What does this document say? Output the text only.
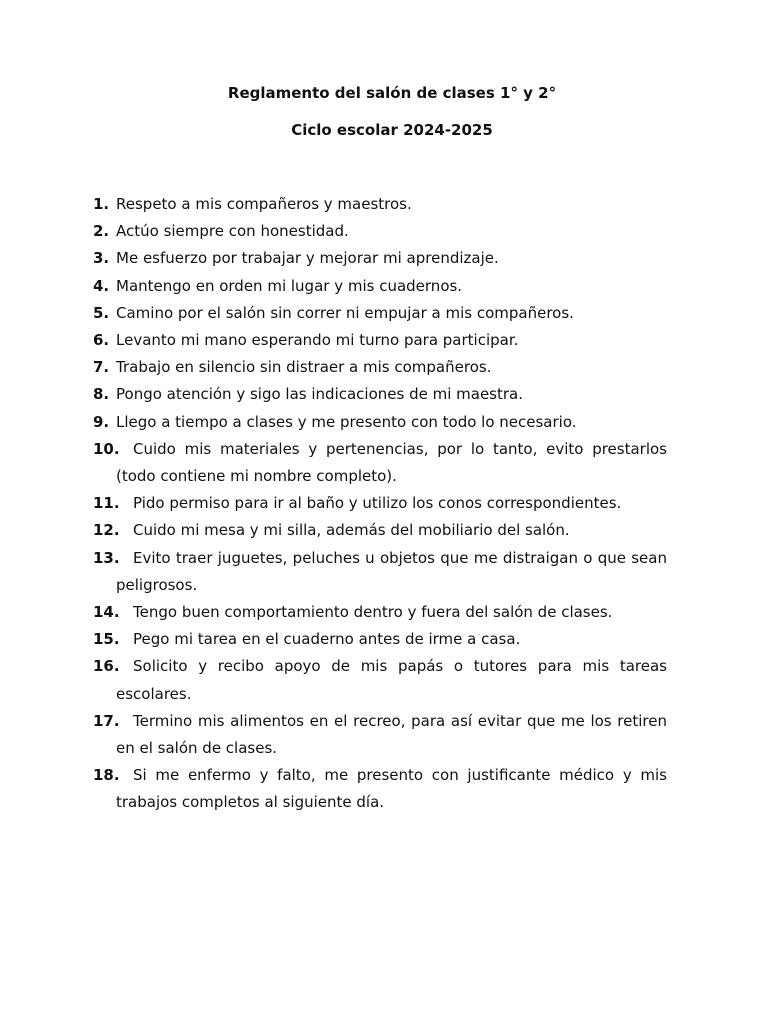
Reglamento del salón de clases 1° y 2°
Ciclo escolar 2024-2025
1. Respeto a mis compañeros y maestros.
2. Actúo siempre con honestidad.
3. Me esfuerzo por trabajar y mejorar mi aprendizaje.
4. Mantengo en orden mi lugar y mis cuadernos.
5. Camino por el salón sin correr ni empujar a mis compañeros.
6. Levanto mi mano esperando mi turno para participar.
7. Trabajo en silencio sin distraer a mis compañeros.
8. Pongo atención y sigo las indicaciones de mi maestra.
9. Llego a tiempo a clases y me presento con todo lo necesario.
10. Cuido mis materiales y pertenencias, por lo tanto, evito prestarlos (todo contiene mi nombre completo).
11. Pido permiso para ir al baño y utilizo los conos correspondientes.
12. Cuido mi mesa y mi silla, además del mobiliario del salón.
13. Evito traer juguetes, peluches u objetos que me distraigan o que sean peligrosos.
14. Tengo buen comportamiento dentro y fuera del salón de clases.
15. Pego mi tarea en el cuaderno antes de irme a casa.
16. Solicito y recibo apoyo de mis papás o tutores para mis tareas escolares.
17. Termino mis alimentos en el recreo, para así evitar que me los retiren en el salón de clases.
18. Si me enfermo y falto, me presento con justificante médico y mis trabajos completos al siguiente día.
